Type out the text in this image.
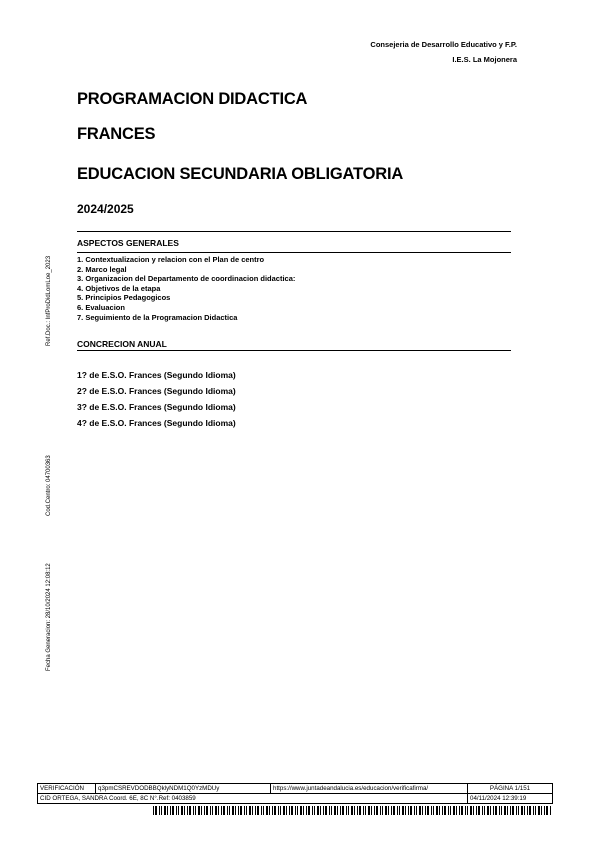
Consejeria de Desarrollo Educativo y F.P.
I.E.S. La Mojonera
PROGRAMACION DIDACTICA
FRANCES
EDUCACION SECUNDARIA OBLIGATORIA
2024/2025
ASPECTOS GENERALES
1. Contextualizacion y relacion con el Plan de centro
2. Marco legal
3. Organizacion del Departamento de coordinacion didactica:
4. Objetivos de la etapa
5. Principios Pedagogicos
6. Evaluacion
7. Seguimiento de la Programacion Didactica
CONCRECION ANUAL
1? de E.S.O. Frances (Segundo Idioma)
2? de E.S.O. Frances (Segundo Idioma)
3? de E.S.O. Frances (Segundo Idioma)
4? de E.S.O. Frances (Segundo Idioma)
Ref.Doc.: InfProDidLomLoe_2023
Cod.Centro: 04700363
Fecha Generacion: 28/10/2024 12:08:12
VERIFICACIÓN	q3pmCSREVDODBBQklyNDM1Q0YzMDUy	https://www.juntadeandalucia.es/educacion/verificafirma/	PÁGINA 1/151
CID ORTEGA, SANDRA Coord. 6E, 8C N°.Ref: 0403859			04/11/2024 12:39:19
